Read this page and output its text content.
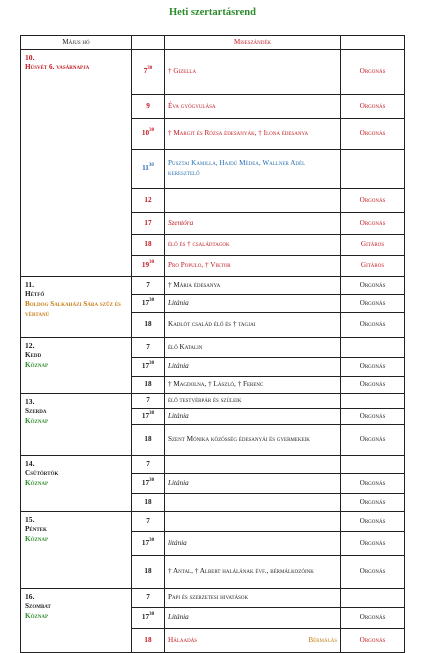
Heti szertartásrend
Május hó		Miseszándék	

10.
Húsvét 6. vasárnapja	$7^{30}$	† Gizella	Orgonás
	9	Éva gyógyulása	Orgonás
	$10^{30}$	† Margit és Rózsa édesanyák, † Ilona édesanya	Orgonás
	$11^{30}$	Pusztai Kamilla, Hajdú Médea, Wallner Adél keresztelő	
	12		Orgonás
	17	Szentóra	Orgonás
	18	élő és † családtagok	Gitáros
	$19^{30}$	Pro Populo, † Viktor	Gitáros

11.
Hétfő
Boldog Salkaházi Sára szűz és vértanú	7	† Mária édesanya	Orgonás
	$17^{30}$	Litánia	Orgonás
	18	Kadlót család élő és † tagjai	Orgonás

12.
Kedd
Köznap	7	élő Katalin	
	$17^{30}$	Litánia	Orgonás
	18	† Magdolna, † László, † Ferenc	Orgonás

13.
Szerda
Köznap	7	élő testvérpár és szüleik	
	$17^{30}$	Litánia	Orgonás
	18	Szent Mónika közösség édesanyái és gyermekeik	Orgonás

14.
Csütörtök
Köznap	7		
	$17^{30}$	Litánia	Orgonás
	18		Orgonás

15.
Péntek
Köznap	7		Orgonás
	$17^{30}$	litánia	Orgonás
	18	† Antal, † Albert halálának évf., bérmálkozóink	Orgonás

16.
Szombat
Köznap	7	Papi és szerzetesi hivatások	
	$17^{30}$	Litánia	Orgonás
	18	Hálaadás Bérmálás	Orgonás
